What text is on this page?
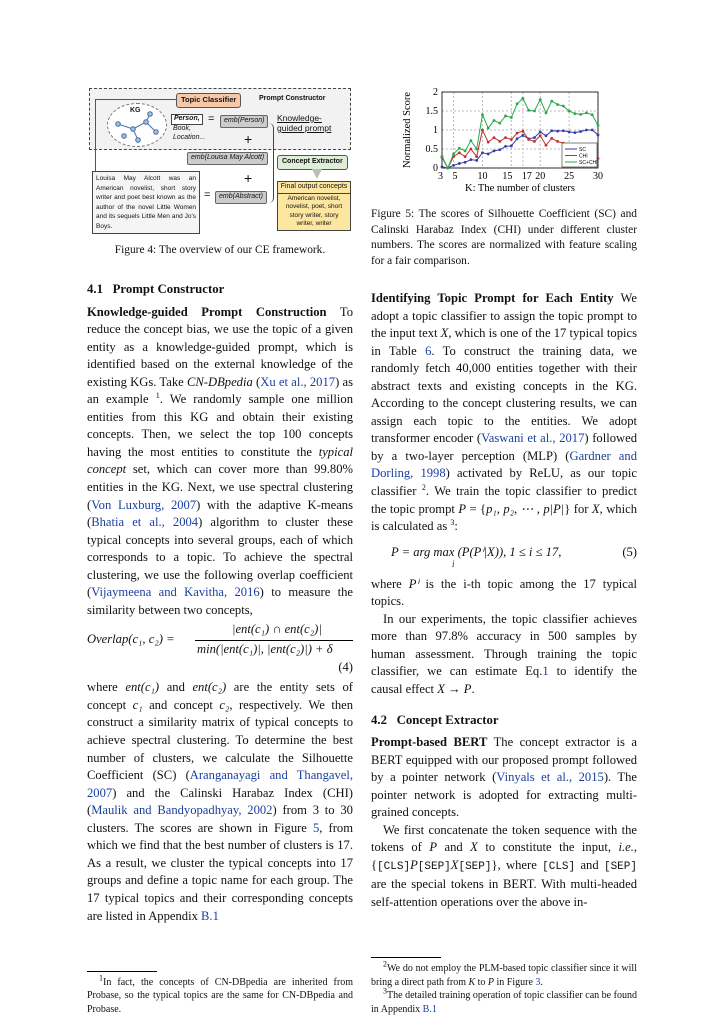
KG
Topic Classifier	Prompt Constructor
Person,
Book,
Location...
=	emb(Person)	Knowledge-guided prompt
+
emb(Louisa May Alcott)
Concept Extractor
+
Louisa May Alcott was an American novelist, short story writer and poet best known as the author of the novel Little Women and its sequels Little Men and Jo's Boys.
=	emb(Abstract)
Final output concepts
American novelist, novelist, poet, short story writer, story writer, writer
Figure 4: The overview of our CE framework.
3 5 10 15 17 20 25 30
0
0.5
1
1.5
2
K: The number of clusters
Normalized Score	SC
CHI
SC+CHI
Figure 5: The scores of Silhouette Coefficient (SC) and Calinski Harabaz Index (CHI) under different cluster numbers. The scores are normalized with feature scaling for a fair comparison.
4.1   Prompt Constructor
Knowledge-guided Prompt Construction To reduce the concept bias, we use the topic of a given entity as a knowledge-guided prompt, which is identified based on the external knowledge of the existing KGs. Take CN-DBpedia (Xu et al., 2017) as an example $^1$. We randomly sample one million entities from this KG and obtain their existing concepts. Then, we select the top 100 concepts having the most entities to constitute the typical concept set, which can cover more than 99.80% entities in the KG. Next, we use spectral clustering (Von Luxburg, 2007) with the adaptive K-means (Bhatia et al., 2004) algorithm to cluster these typical concepts into several groups, each of which corresponds to a topic. To achieve the spectral clustering, we use the following overlap coefficient (Vijaymeena and Kavitha, 2016) to measure the similarity between two concepts,
Overlap(c₁, c₂) =
|ent(c₁) ∩ ent(c₂)|
min(|ent(c₁)|, |ent(c₂)|) + δ
(4)
where ent(c₁) and ent(c₂) are the entity sets of concept c₁ and concept c₂, respectively. We then construct a similarity matrix of typical concepts to achieve spectral clustering. To determine the best number of clusters, we calculate the Silhouette Coefficient (SC) (Aranganayagi and Thangavel, 2007) and the Calinski Harabaz Index (CHI) (Maulik and Bandyopadhyay, 2002) from 3 to 30 clusters. The scores are shown in Figure 5, from which we find that the best number of clusters is 17. As a result, we cluster the typical concepts into 17 groups and define a topic name for each group. The 17 typical topics and their corresponding concepts are listed in Appendix B.1
$^1$In fact, the concepts of CN-DBpedia are inherited from Probase, so the typical topics are the same for CN-DBpedia and Probase.
Identifying Topic Prompt for Each Entity We adopt a topic classifier to assign the topic prompt to the input text X, which is one of the 17 typical topics in Table 6. To construct the training data, we randomly fetch 40,000 entities together with their abstract texts and existing concepts in the KG. According to the concept clustering results, we can assign each topic to the entities. We adopt transformer encoder (Vaswani et al., 2017) followed by a two-layer perception (MLP) (Gardner and Dorling, 1998) activated by ReLU, as our topic classifier $^2$. We train the topic classifier to predict the topic prompt P = {p₁, p₂, ⋯ , p|P|} for X, which is calculated as $^3$:
P = arg max (P(Pⁱ|X)), 1 ≤ i ≤ 17,
i
(5)
where Pⁱ is the i-th topic among the 17 typical topics.
In our experiments, the topic classifier achieves more than 97.8% accuracy in 500 samples by human assessment. Through training the topic classifier, we can estimate Eq.1 to identify the causal effect X → P.
4.2   Concept Extractor
Prompt-based BERT The concept extractor is a BERT equipped with our proposed prompt followed by a pointer network (Vinyals et al., 2015). The pointer network is adopted for extracting multi-grained concepts.
We first concatenate the token sequence with the tokens of P and X to constitute the input, i.e., {[CLS]P[SEP]X[SEP]}, where [CLS] and [SEP] are the special tokens in BERT. With multi-headed self-attention operations over the above in-
$^2$We do not employ the PLM-based topic classifier since it will bring a direct path from K to P in Figure 3.
$^3$The detailed training operation of topic classifier can be found in Appendix B.1
